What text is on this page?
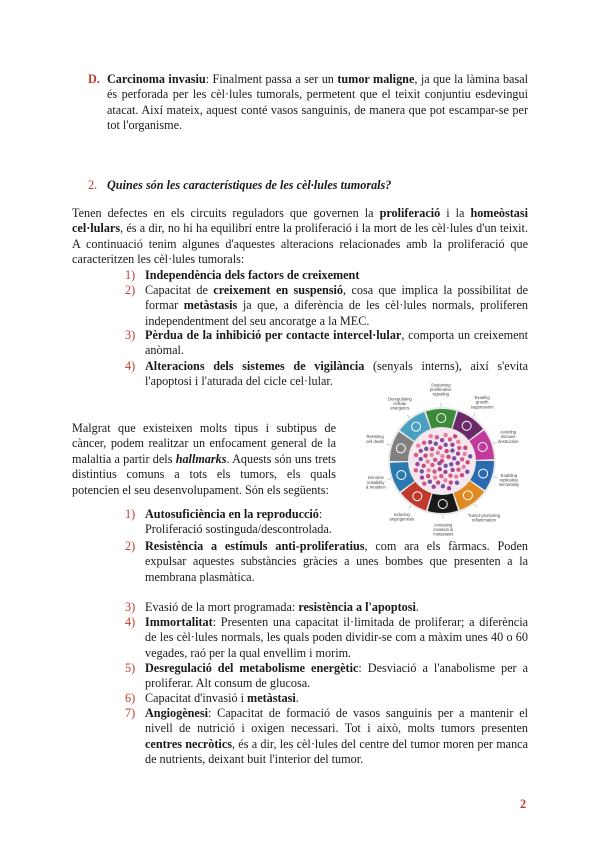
D. Carcinoma invasiu: Finalment passa a ser un tumor maligne, ja que la làmina basal és perforada per les cèl·lules tumorals, permetent que el teixit conjuntiu esdevingui atacat. Així mateix, aquest conté vasos sanguinis, de manera que pot escampar-se per tot l'organisme.
2. Quines són les característiques de les cèl·lules tumorals?
Tenen defectes en els circuits reguladors que governen la proliferació i la homeòstasi cel·lulars, és a dir, no hi ha equilibri entre la proliferació i la mort de les cèl·lules d'un teixit. A continuació tenim algunes d'aquestes alteracions relacionades amb la proliferació que caracteritzen les cèl·lules tumorals:
1) Independència dels factors de creixement
2) Capacitat de creixement en suspensió, cosa que implica la possibilitat de formar metàstasis ja que, a diferència de les cèl·lules normals, proliferen independentment del seu ancoratge a la MEC.
3) Pèrdua de la inhibició per contacte intercel·lular, comporta un creixement anòmal.
4) Alteracions dels sistemes de vigilància (senyals interns), així s'evita l'apoptosi i l'aturada del cicle cel·lular.
Malgrat que existeixen molts tipus i subtipus de càncer, podem realitzar un enfocament general de la malaltia a partir dels hallmarks. Aquests són uns trets distintius comuns a tots els tumors, els quals potencien el seu desenvolupament. Són els següents:
Sustaining proliferative signaling
Evading growth suppressors
Avoiding immune destruction
Enabling replicative immortality
Tumor-promoting inflammation
Activating invasion & metastasis
Inducing angiogenesis
Genome instability & mutation
Resisting cell death
Deregulating cellular energetics
1) Autosuficiència en la reproducció:
Proliferació sostinguda/descontrolada.
2) Resistència a estímuls anti-proliferatius, com ara els fàrmacs. Poden expulsar aquestes substàncies gràcies a unes bombes que presenten a la membrana plasmàtica.
3) Evasió de la mort programada: resistència a l'apoptosi.
4) Immortalitat: Presenten una capacitat il·limitada de proliferar; a diferència de les cèl·lules normals, les quals poden dividir-se com a màxim unes 40 o 60 vegades, raó per la qual envellim i morim.
5) Desregulació del metabolisme energètic: Desviació a l'anabolisme per a proliferar. Alt consum de glucosa.
6) Capacitat d'invasió i metàstasi.
7) Angiogènesi: Capacitat de formació de vasos sanguinis per a mantenir el nivell de nutrició i oxigen necessari. Tot i això, molts tumors presenten centres necròtics, és a dir, les cèl·lules del centre del tumor moren per manca de nutrients, deixant buit l'interior del tumor.
2
